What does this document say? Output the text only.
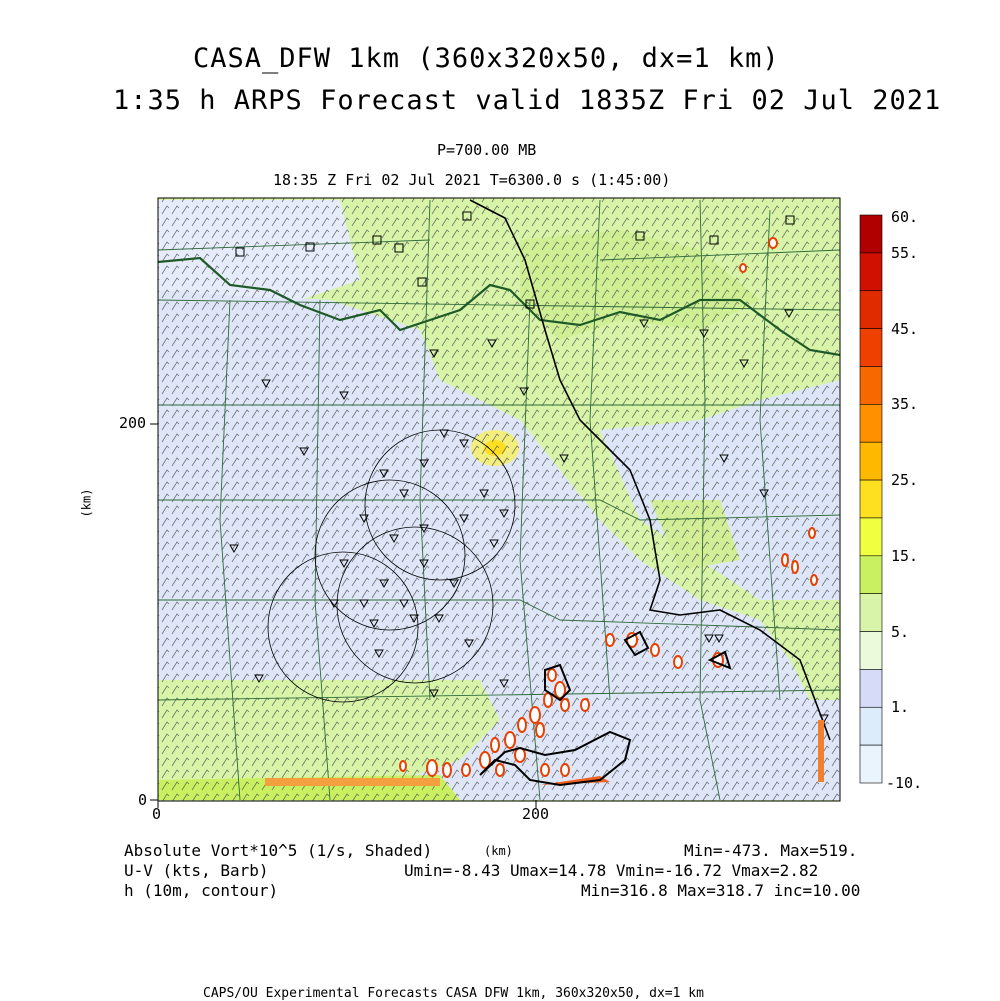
CASA_DFW 1km (360x320x50, dx=1 km)
1:35 h ARPS Forecast valid 1835Z Fri 02 Jul 2021
P=700.00 MB
18:35 Z Fri 02 Jul 2021 T=6300.0 s (1:45:00)
200
0
0	200
(km)
(km)
60.
55.
45.
35.
25.
15.
5.
1.
-10.
Absolute Vort*10^5 (1/s, Shaded)	Min=-473. Max=519.
U-V (kts, Barb)	Umin=-8.43 Umax=14.78 Vmin=-16.72 Vmax=2.82
h (10m, contour)	Min=316.8 Max=318.7 inc=10.00
CAPS/OU Experimental Forecasts CASA DFW 1km, 360x320x50, dx=1 km
